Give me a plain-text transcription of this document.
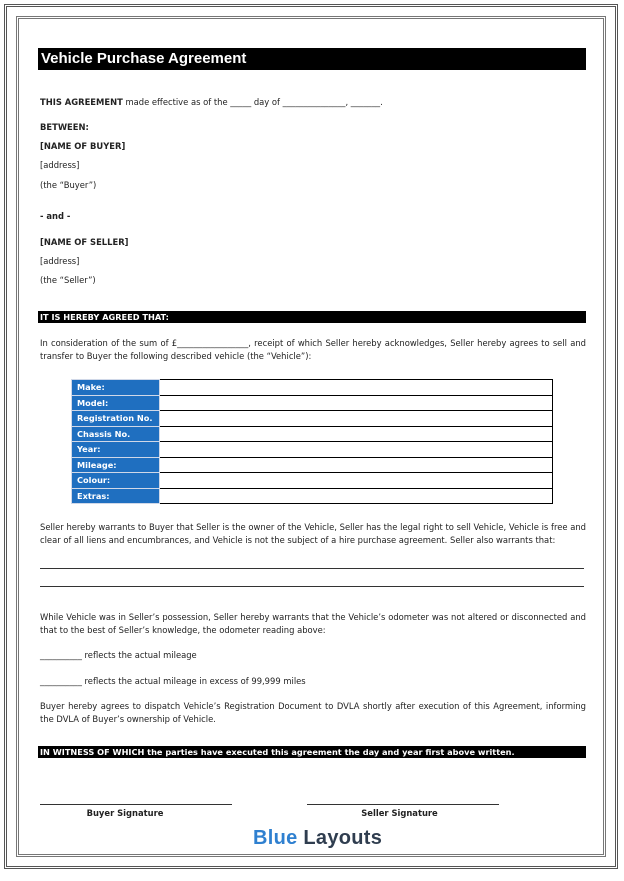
Vehicle Purchase Agreement
THIS AGREEMENT made effective as of the _____ day of _______________, _______.
BETWEEN:
[NAME OF BUYER]
[address]
(the “Buyer”)
- and -
[NAME OF SELLER]
[address]
(the “Seller”)
IT IS HEREBY AGREED THAT:
In consideration of the sum of £_________________, receipt of which Seller hereby acknowledges, Seller hereby agrees to sell and transfer to Buyer the following described vehicle (the “Vehicle”):
Make:	
Model:	
Registration No.	
Chassis No.	
Year:	
Mileage:	
Colour:	
Extras:	
Seller hereby warrants to Buyer that Seller is the owner of the Vehicle, Seller has the legal right to sell Vehicle, Vehicle is free and clear of all liens and encumbrances, and Vehicle is not the subject of a hire purchase agreement. Seller also warrants that:
While Vehicle was in Seller’s possession, Seller hereby warrants that the Vehicle’s odometer was not altered or disconnected and that to the best of Seller’s knowledge, the odometer reading above:
__________ reflects the actual mileage
__________ reflects the actual mileage in excess of 99,999 miles
Buyer hereby agrees to dispatch Vehicle’s Registration Document to DVLA shortly after execution of this Agreement, informing the DVLA of Buyer’s ownership of Vehicle.
IN WITNESS OF WHICH the parties have executed this agreement the day and year first above written.
Buyer Signature	Seller Signature
Blue Layouts
